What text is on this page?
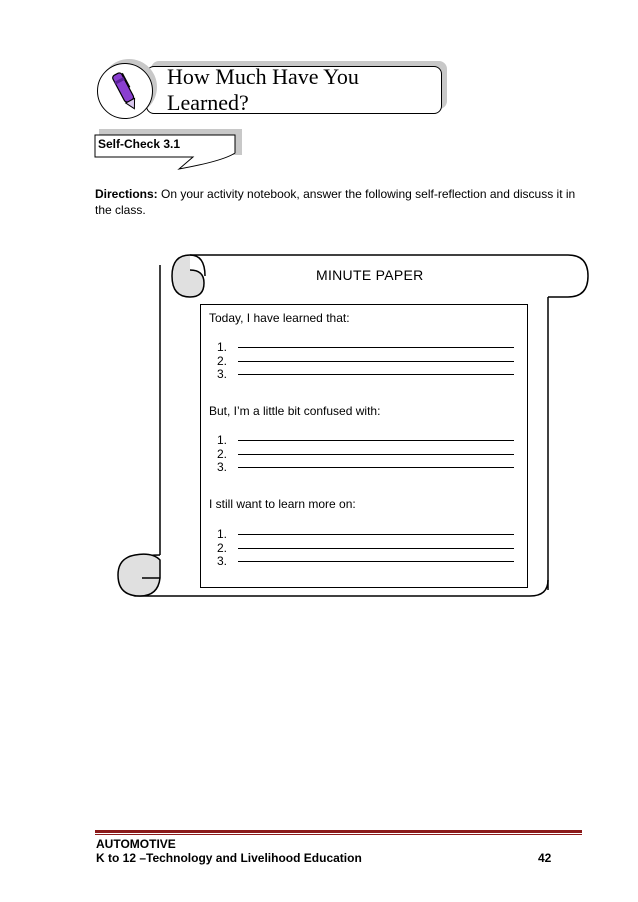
How Much Have You Learned?
Self-Check 3.1
Directions: On your activity notebook, answer the following self-reflection and discuss it in the class.
MINUTE PAPER
Today, I have learned that:
1.
2.
3.
But, I’m a little bit confused with:
1.
2.
3.
I still want to learn more on:
1.
2.
3.
AUTOMOTIVE
K to 12 –Technology and Livelihood Education	42
